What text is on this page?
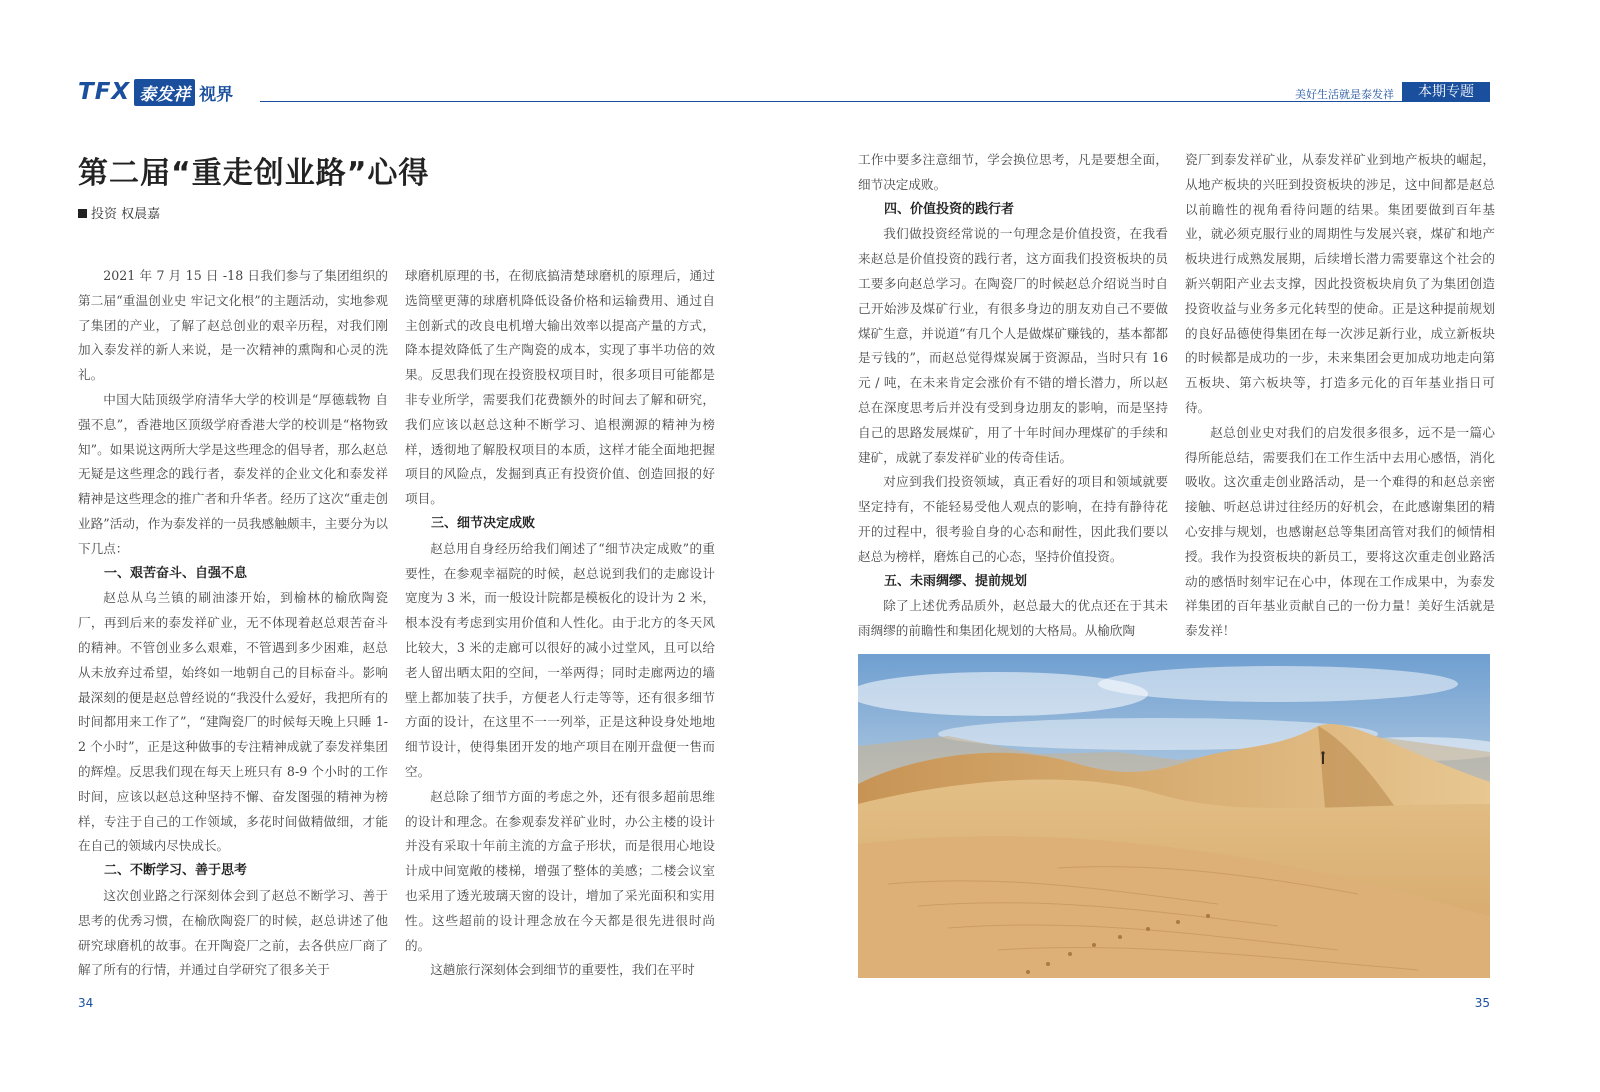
TFX 泰发祥 视界	美好生活就是泰发祥	本期专题
第二届“重走创业路”心得
投资 权晨嘉

2021 年 7 月 15 日 -18 日我们参与了集团组织的第二届“重温创业史 牢记文化根”的主题活动，实地参观了集团的产业，了解了赵总创业的艰辛历程，对我们刚加入泰发祥的新人来说，是一次精神的熏陶和心灵的洗礼。

中国大陆顶级学府清华大学的校训是“厚德载物 自强不息”，香港地区顶级学府香港大学的校训是“格物致知”。如果说这两所大学是这些理念的倡导者，那么赵总无疑是这些理念的践行者，泰发祥的企业文化和泰发祥精神是这些理念的推广者和升华者。经历了这次“重走创业路”活动，作为泰发祥的一员我感触颇丰，主要分为以下几点：

一、艰苦奋斗、自强不息

赵总从乌兰镇的刷油漆开始，到榆林的榆欣陶瓷厂，再到后来的泰发祥矿业，无不体现着赵总艰苦奋斗的精神。不管创业多么艰难，不管遇到多少困难，赵总从未放弃过希望，始终如一地朝自己的目标奋斗。影响最深刻的便是赵总曾经说的“我没什么爱好，我把所有的时间都用来工作了”，“建陶瓷厂的时候每天晚上只睡 1-2 个小时”，正是这种做事的专注精神成就了泰发祥集团的辉煌。反思我们现在每天上班只有 8-9 个小时的工作时间，应该以赵总这种坚持不懈、奋发图强的精神为榜样，专注于自己的工作领域，多花时间做精做细，才能在自己的领域内尽快成长。

二、不断学习、善于思考

这次创业路之行深刻体会到了赵总不断学习、善于思考的优秀习惯，在榆欣陶瓷厂的时候，赵总讲述了他研究球磨机的故事。在开陶瓷厂之前，去各供应厂商了解了所有的行情，并通过自学研究了很多关于

球磨机原理的书，在彻底搞清楚球磨机的原理后，通过选筒壁更薄的球磨机降低设备价格和运输费用、通过自主创新式的改良电机增大输出效率以提高产量的方式，降本提效降低了生产陶瓷的成本，实现了事半功倍的效果。反思我们现在投资股权项目时，很多项目可能都是非专业所学，需要我们花费额外的时间去了解和研究，我们应该以赵总这种不断学习、追根溯源的精神为榜样，透彻地了解股权项目的本质，这样才能全面地把握项目的风险点，发掘到真正有投资价值、创造回报的好项目。

三、细节决定成败

赵总用自身经历给我们阐述了“细节决定成败”的重要性，在参观幸福院的时候，赵总说到我们的走廊设计宽度为 3 米，而一般设计院都是模板化的设计为 2 米，根本没有考虑到实用价值和人性化。由于北方的冬天风比较大，3 米的走廊可以很好的减小过堂风，且可以给老人留出晒太阳的空间，一举两得；同时走廊两边的墙壁上都加装了扶手，方便老人行走等等，还有很多细节方面的设计，在这里不一一列举，正是这种设身处地地细节设计，使得集团开发的地产项目在刚开盘便一售而空。

赵总除了细节方面的考虑之外，还有很多超前思维的设计和理念。在参观泰发祥矿业时，办公主楼的设计并没有采取十年前主流的方盒子形状，而是很用心地设计成中间宽敞的楼梯，增强了整体的美感；二楼会议室也采用了透光玻璃天窗的设计，增加了采光面积和实用性。这些超前的设计理念放在今天都是很先进很时尚的。

这趟旅行深刻体会到细节的重要性，我们在平时

工作中要多注意细节，学会换位思考，凡是要想全面，细节决定成败。

四、价值投资的践行者

我们做投资经常说的一句理念是价值投资，在我看来赵总是价值投资的践行者，这方面我们投资板块的员工要多向赵总学习。在陶瓷厂的时候赵总介绍说当时自己开始涉及煤矿行业，有很多身边的朋友劝自己不要做煤矿生意，并说道“有几个人是做煤矿赚钱的，基本都都是亏钱的”，而赵总觉得煤炭属于资源品，当时只有 16 元 / 吨，在未来肯定会涨价有不错的增长潜力，所以赵总在深度思考后并没有受到身边朋友的影响，而是坚持自己的思路发展煤矿，用了十年时间办理煤矿的手续和建矿，成就了泰发祥矿业的传奇佳话。

对应到我们投资领域，真正看好的项目和领域就要坚定持有，不能轻易受他人观点的影响，在持有静待花开的过程中，很考验自身的心态和耐性，因此我们要以赵总为榜样，磨炼自己的心态，坚持价值投资。

五、未雨绸缪、提前规划

除了上述优秀品质外，赵总最大的优点还在于其未雨绸缪的前瞻性和集团化规划的大格局。从榆欣陶

瓷厂到泰发祥矿业，从泰发祥矿业到地产板块的崛起，从地产板块的兴旺到投资板块的涉足，这中间都是赵总以前瞻性的视角看待问题的结果。集团要做到百年基业，就必须克服行业的周期性与发展兴衰，煤矿和地产板块进行成熟发展期，后续增长潜力需要靠这个社会的新兴朝阳产业去支撑，因此投资板块肩负了为集团创造投资收益与业务多元化转型的使命。正是这种提前规划的良好品德使得集团在每一次涉足新行业，成立新板块的时候都是成功的一步，未来集团会更加成功地走向第五板块、第六板块等，打造多元化的百年基业指日可待。

赵总创业史对我们的启发很多很多，远不是一篇心得所能总结，需要我们在工作生活中去用心感悟，消化吸收。这次重走创业路活动，是一个难得的和赵总亲密接触、听赵总讲过往经历的好机会，在此感谢集团的精心安排与规划，也感谢赵总等集团高管对我们的倾情相授。我作为投资板块的新员工，要将这次重走创业路活动的感悟时刻牢记在心中，体现在工作成果中，为泰发祥集团的百年基业贡献自己的一份力量！美好生活就是泰发祥！

34	35
